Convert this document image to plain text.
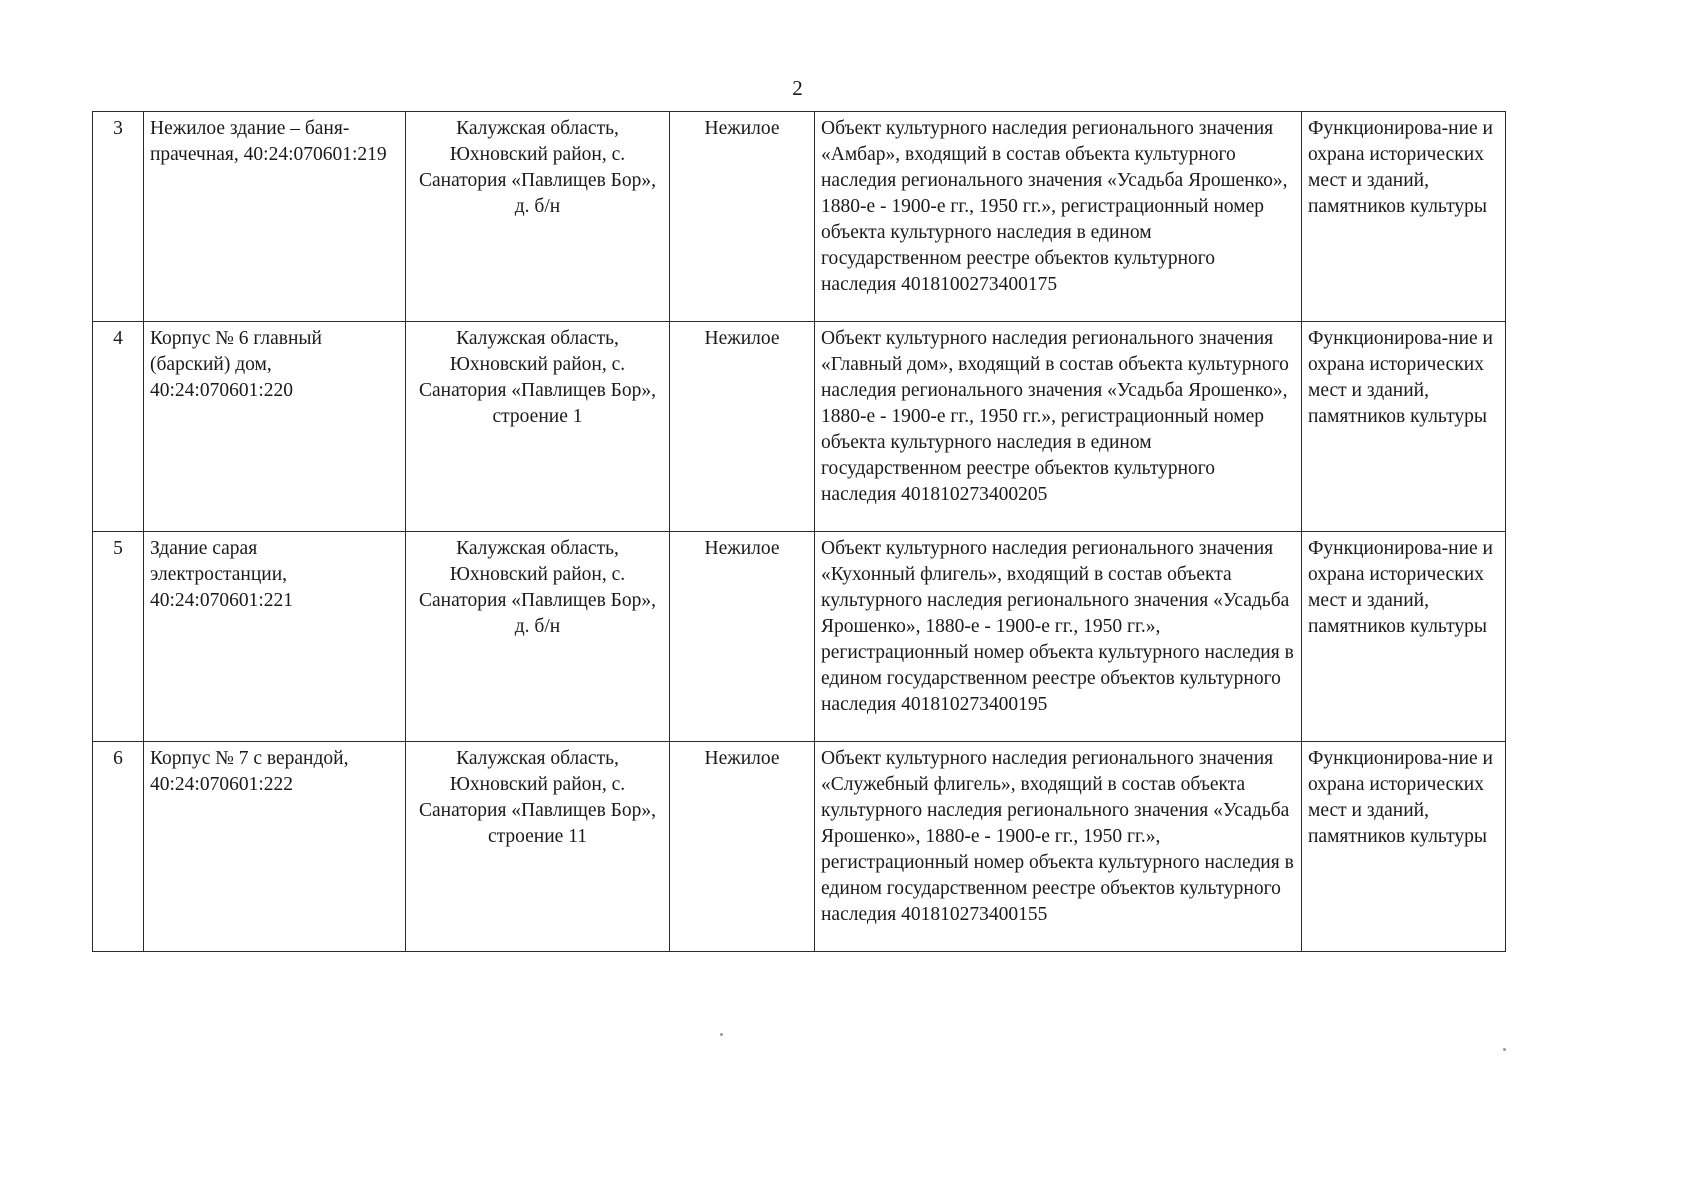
2
3	Нежилое здание – баня-прачечная, 40:24:070601:219	Калужская область, Юхновский район, с. Санатория «Павлищев Бор», д. б/н	Нежилое	Объект культурного наследия регионального значения «Амбар», входящий в состав объекта культурного наследия регионального значения «Усадьба Ярошенко», 1880-е - 1900-е гг., 1950 гг.», регистрационный номер объекта культурного наследия в едином государственном реестре объектов культурного наследия 4018100273400175	Функционирова-ние и охрана исторических мест и зданий, памятников культуры
4	Корпус № 6 главный (барский) дом, 40:24:070601:220	Калужская область, Юхновский район, с. Санатория «Павлищев Бор», строение 1	Нежилое	Объект культурного наследия регионального значения «Главный дом», входящий в состав объекта культурного наследия регионального значения «Усадьба Ярошенко», 1880-е - 1900-е гг., 1950 гг.», регистрационный номер объекта культурного наследия в едином государственном реестре объектов культурного наследия 401810273400205	Функционирова-ние и охрана исторических мест и зданий, памятников культуры
5	Здание сарая электростанции, 40:24:070601:221	Калужская область, Юхновский район, с. Санатория «Павлищев Бор», д. б/н	Нежилое	Объект культурного наследия регионального значения «Кухонный флигель», входящий в состав объекта культурного наследия регионального значения «Усадьба Ярошенко», 1880-е - 1900-е гг., 1950 гг.», регистрационный номер объекта культурного наследия в едином государственном реестре объектов культурного наследия 401810273400195	Функционирова-ние и охрана исторических мест и зданий, памятников культуры
6	Корпус № 7 с верандой, 40:24:070601:222	Калужская область, Юхновский район, с. Санатория «Павлищев Бор», строение 11	Нежилое	Объект культурного наследия регионального значения «Служебный флигель», входящий в состав объекта культурного наследия регионального значения «Усадьба Ярошенко», 1880-е - 1900-е гг., 1950 гг.», регистрационный номер объекта культурного наследия в едином государственном реестре объектов культурного наследия 401810273400155	Функционирова-ние и охрана исторических мест и зданий, памятников культуры
